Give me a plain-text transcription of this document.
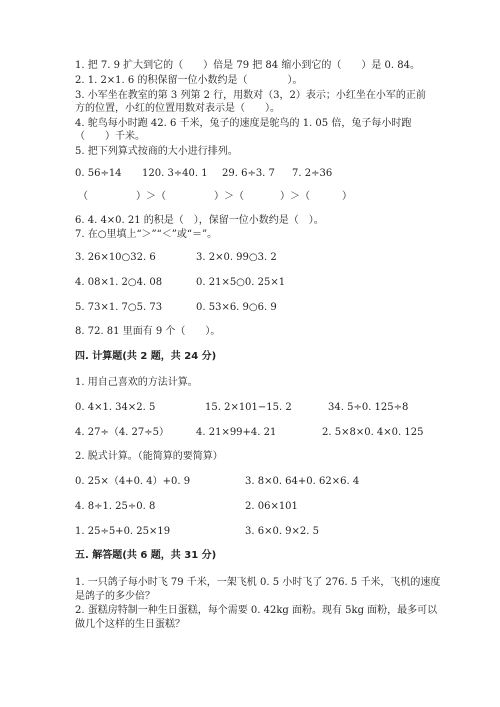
1. 把 7. 9 扩大到它的（　　）倍是 79 把 84 缩小到它的（　　）是 0. 84。
2. 1. 2×1. 6 的积保留一位小数约是（　　　　）。
3. 小军坐在教室的第 3 列第 2 行，用数对（3，2）表示；小红坐在小军的正前
方的位置，小红的位置用数对表示是（　　）。
4. 鸵鸟每小时跑 42. 6 千米，兔子的速度是鸵鸟的 1. 05 倍，兔子每小时跑
（　　）千米。
5. 把下列算式按商的大小进行排列。
0. 56÷14 120. 3÷40. 1 29. 6÷3. 7 7. 2÷36
（	）＞（	）＞（	）＞（	）
6. 4. 4×0. 21 的积是（　），保留一位小数约是（　）。
7. 在○里填上“＞”“＜”或“＝”。
3. 26×10○32. 6	3. 2×0. 99○3. 2
4. 08×1. 2○4. 08	0. 21×5○0. 25×1
5. 73×1. 7○5. 73	0. 53×6. 9○6. 9
8. 72. 81 里面有 9 个（　　）。
四. 计算题(共 2 题，共 24 分)
1. 用自己喜欢的方法计算。
0. 4×1. 34×2. 5	15. 2×101−15. 2	34. 5÷0. 125÷8
4. 27÷（4. 27÷5）	4. 21×99+4. 21	2. 5×8×0. 4×0. 125
2. 脱式计算。（能简算的要简算）
0. 25×（4+0. 4）+0. 9	3. 8×0. 64+0. 62×6. 4
4. 8÷1. 25÷0. 8	2. 06×101
1. 25÷5+0. 25×19	3. 6×0. 9×2. 5
五. 解答题(共 6 题，共 31 分)
1. 一只鸽子每小时飞 79 千米，一架飞机 0. 5 小时飞了 276. 5 千米，飞机的速度
是鸽子的多少倍？
2. 蛋糕房特制一种生日蛋糕，每个需要 0. 42kg 面粉。现有 5kg 面粉，最多可以
做几个这样的生日蛋糕？
